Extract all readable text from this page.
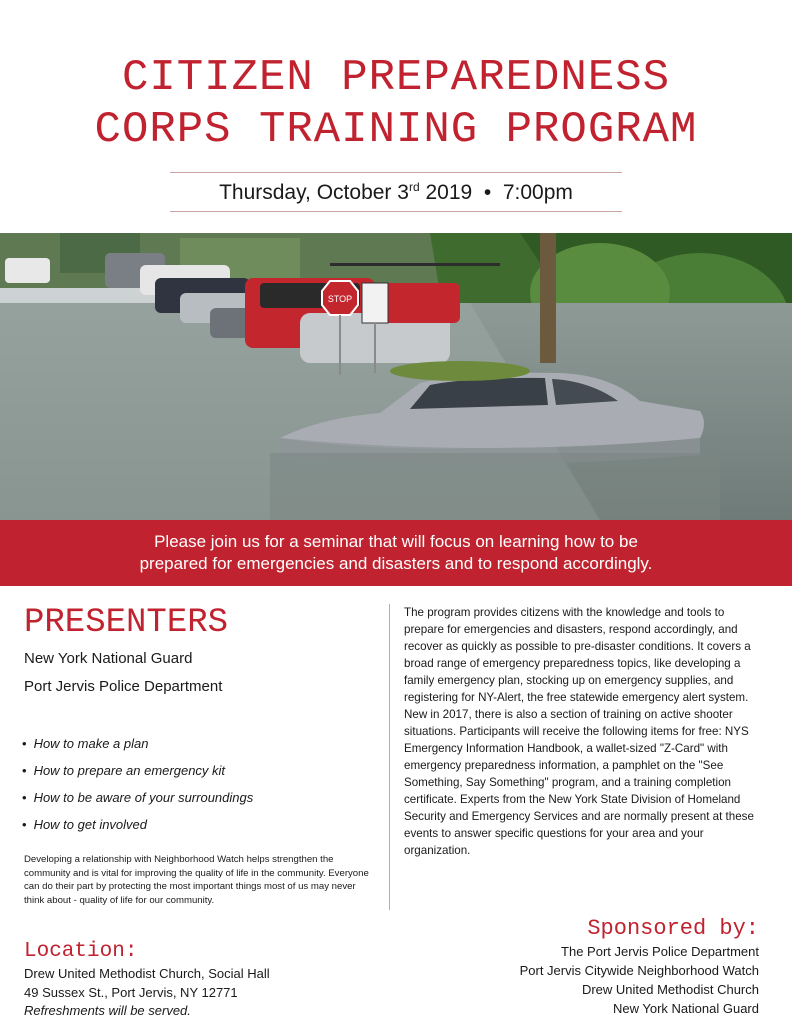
CITIZEN PREPAREDNESS
CORPS TRAINING PROGRAM
Thursday, October 3rd 2019  •  7:00pm
STOP
Please join us for a seminar that will focus on learning how to be
prepared for emergencies and disasters and to respond accordingly.
PRESENTERS
New York National Guard
Port Jervis Police Department
• How to make a plan
• How to prepare an emergency kit
• How to be aware of your surroundings
• How to get involved
Developing a relationship with Neighborhood Watch helps strengthen the community and is vital for improving the quality of life in the community. Everyone can do their part by protecting the most important things most of us may never think about - quality of life for our community.
The program provides citizens with the knowledge and tools to prepare for emergencies and disasters, respond accordingly, and recover as quickly as possible to pre-disaster conditions. It covers a broad range of emergency preparedness topics, like developing a family emergency plan, stocking up on emergency supplies, and registering for NY-Alert, the free statewide emergency alert system. New in 2017, there is also a section of training on active shooter situations. Participants will receive the following items for free: NYS Emergency Information Handbook, a wallet-sized "Z-Card" with emergency preparedness information, a pamphlet on the "See Something, Say Something" program, and a training completion certificate. Experts from the New York State Division of Homeland Security and Emergency Services and are normally present at these events to answer specific questions for your area and your organization.
Location:
Drew United Methodist Church, Social Hall
49 Sussex St., Port Jervis, NY 12771
Refreshments will be served.
Sponsored by:
The Port Jervis Police Department
Port Jervis Citywide Neighborhood Watch
Drew United Methodist Church
New York National Guard
